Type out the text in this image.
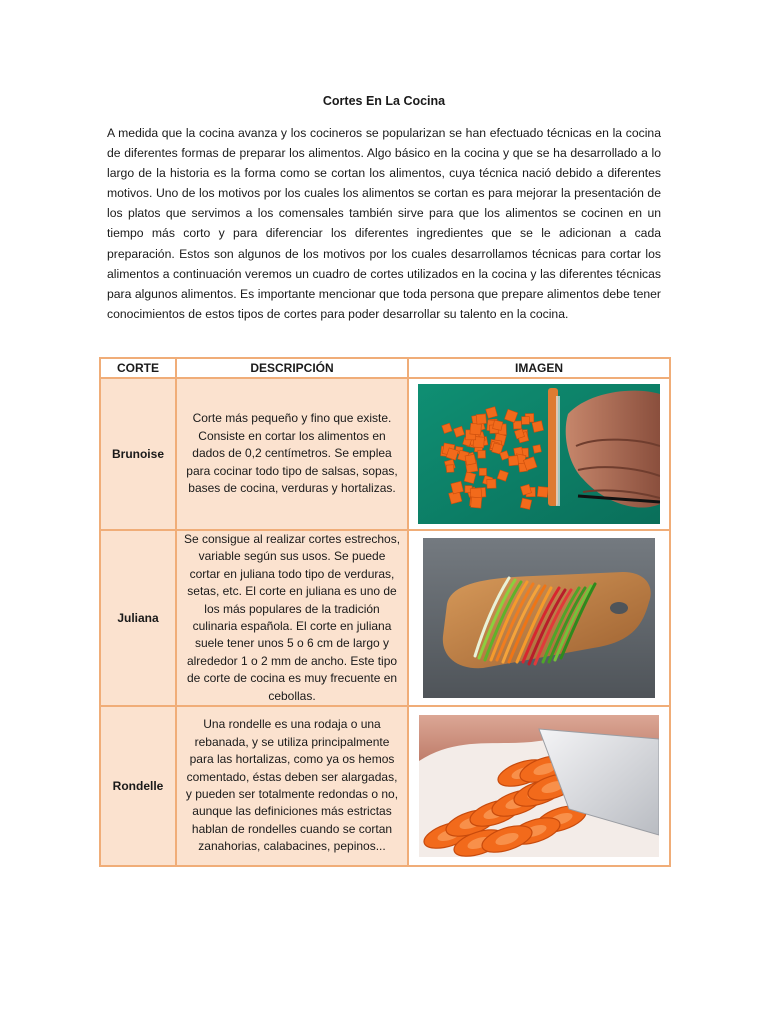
Cortes En La Cocina

A medida que la cocina avanza y los cocineros se popularizan se han efectuado técnicas en la cocina de diferentes formas de preparar los alimentos. Algo básico en la cocina y que se ha desarrollado a lo largo de la historia es la forma como se cortan los alimentos, cuya técnica nació debido a diferentes motivos. Uno de los motivos por los cuales los alimentos se cortan es para mejorar la presentación de los platos que servimos a los comensales también sirve para que los alimentos se cocinen en un tiempo más corto y para diferenciar los diferentes ingredientes que se le adicionan a cada preparación. Estos son algunos de los motivos por los cuales desarrollamos técnicas para cortar los alimentos a continuación veremos un cuadro de cortes utilizados en la cocina y las diferentes técnicas para algunos alimentos. Es importante mencionar que toda persona que prepare alimentos debe tener conocimientos de estos tipos de cortes para poder desarrollar su talento en la cocina.

CORTE	DESCRIPCIÓN	IMAGEN
Brunoise	Corte más pequeño y fino que existe. Consiste en cortar los alimentos en dados de 0,2 centímetros. Se emplea para cocinar todo tipo de salsas, sopas, bases de cocina, verduras y hortalizas.	

Juliana	Se consigue al realizar cortes estrechos, variable según sus usos. Se puede cortar en juliana todo tipo de verduras, setas, etc. El corte en juliana es uno de los más populares de la tradición culinaria española. El corte en juliana suele tener unos 5 o 6 cm de largo y alrededor 1 o 2 mm de ancho. Este tipo de corte de cocina es muy frecuente en cebollas.	

Rondelle	Una rondelle es una rodaja o una rebanada, y se utiliza principalmente para las hortalizas, como ya os hemos comentado, éstas deben ser alargadas, y pueden ser totalmente redondas o no, aunque las definiciones más estrictas hablan de rondelles cuando se cortan zanahorias, calabacines, pepinos...	
